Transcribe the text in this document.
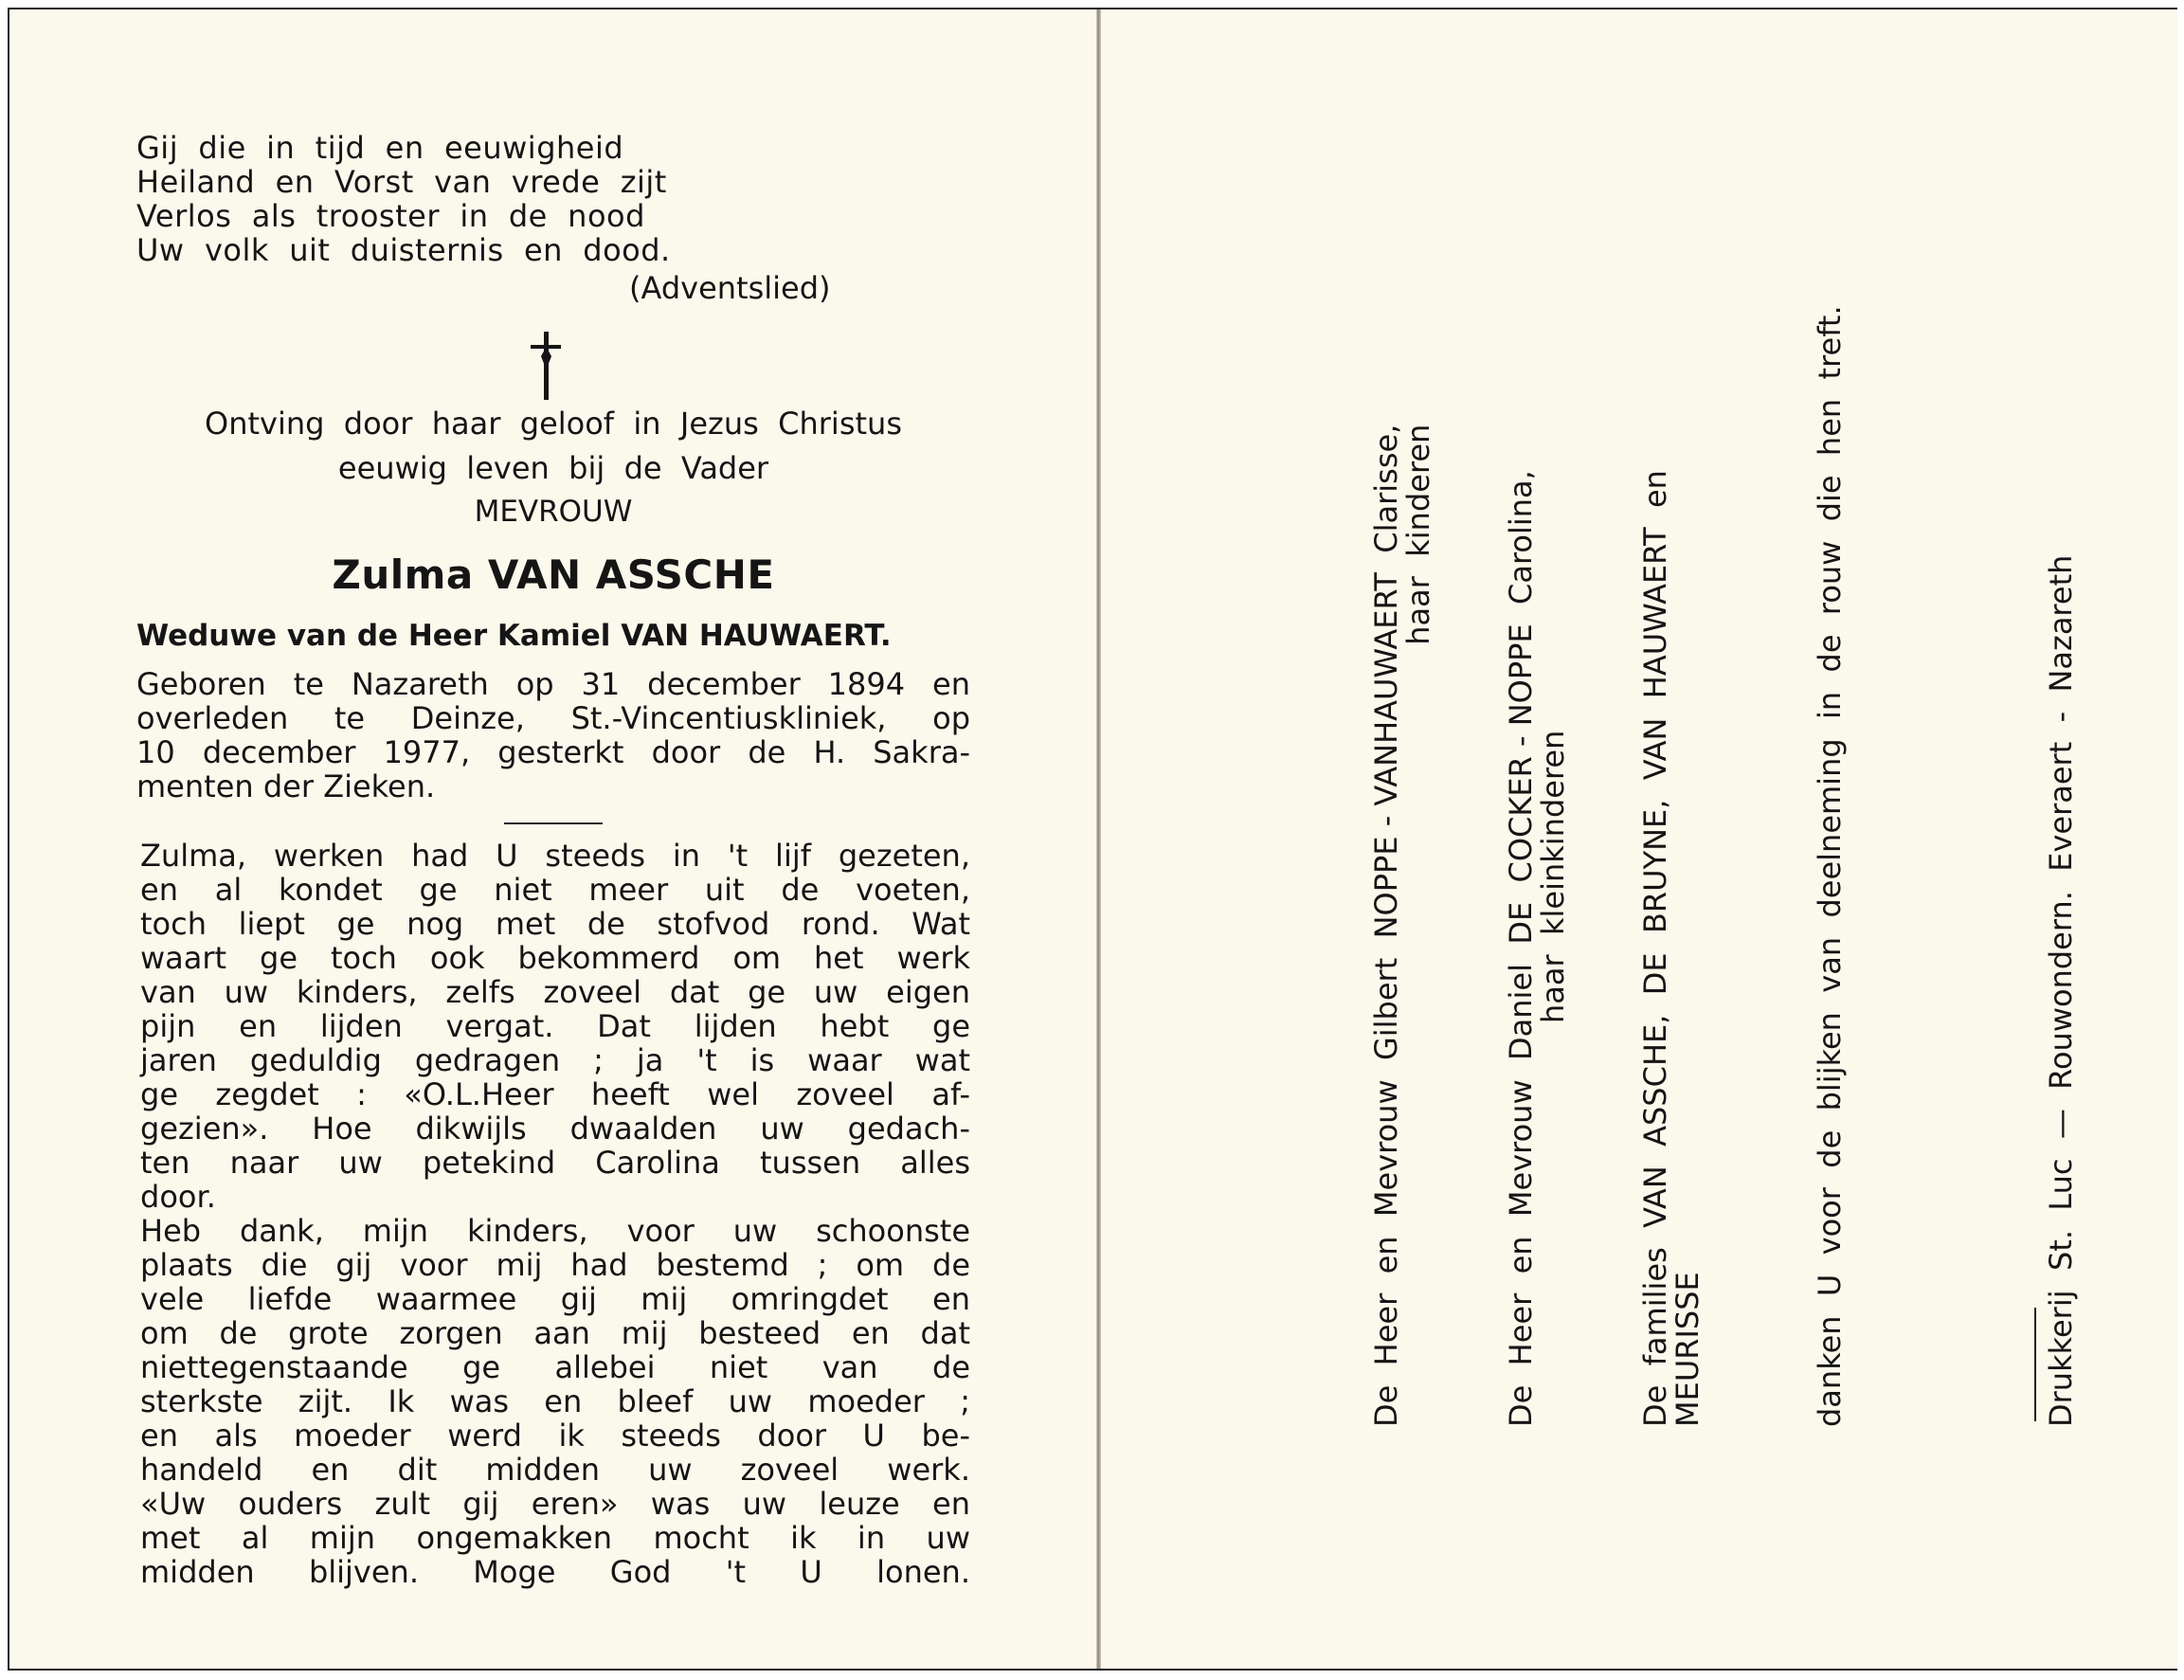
Gij  die  in  tijd  en  eeuwigheid
Heiland  en  Vorst  van  vrede  zijt
Verlos  als  trooster  in  de  nood
Uw  volk  uit  duisternis  en  dood.
(Adventslied)
Ontving  door  haar  geloof  in  Jezus  Christus
eeuwig  leven  bij  de  Vader
MEVROUW
Zulma VAN ASSCHE
Weduwe van de Heer Kamiel VAN HAUWAERT.
Geboren te Nazareth op 31 december 1894 en
overleden te Deinze, St.-Vincentiuskliniek, op
10 december 1977, gesterkt door de H. Sakra-
menten der Zieken.
Zulma, werken had U steeds in 't lijf gezeten,
en al kondet ge niet meer uit de voeten,
toch liept ge nog met de stofvod rond. Wat
waart ge toch ook bekommerd om het werk
van uw kinders, zelfs zoveel dat ge uw eigen
pijn en lijden vergat. Dat lijden hebt ge
jaren geduldig gedragen ; ja 't is waar wat
ge zegdet : «O.L.Heer heeft wel zoveel af-
gezien». Hoe dikwijls dwaalden uw gedach-
ten naar uw petekind Carolina tussen alles
door.
Heb dank, mijn kinders, voor uw schoonste
plaats die gij voor mij had bestemd ; om de
vele liefde waarmee gij mij omringdet en
om de grote zorgen aan mij besteed en dat
niettegenstaande ge allebei niet van de
sterkste zijt. Ik was en bleef uw moeder ;
en als moeder werd ik steeds door U be-
handeld en dit midden uw zoveel werk.
«Uw ouders zult gij eren» was uw leuze en
met al mijn ongemakken mocht ik in uw
midden blijven. Moge God 't U lonen.
De  Heer  en  Mevrouw  Gilbert  NOPPE - VANHAUWAERT  Clarisse,
haar  kinderen De  Heer  en  Mevrouw  Daniel  DE  COCKER - NOPPE  Carolina,
haar  kleinkinderen De  families  VAN  ASSCHE,  DE  BRUYNE,  VAN  HAUWAERT  en
MEURISSE	danken  U  voor  de  blijken  van  deelneming  in  de  rouw  die  hen  treft.	Drukkerij  St.  Luc  —  Rouwondern.  Everaert  -  Nazareth
